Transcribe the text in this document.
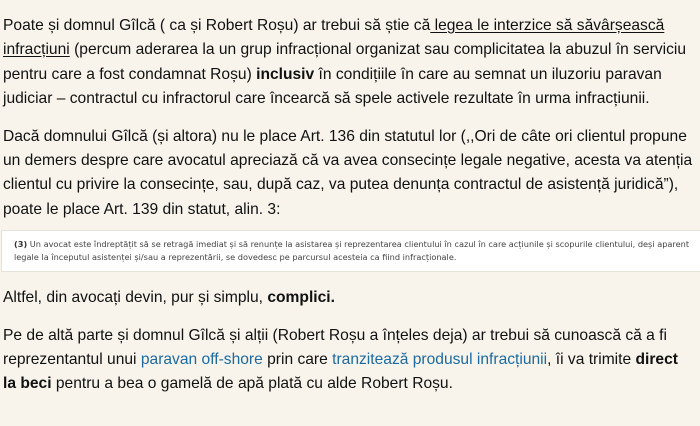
Poate și domnul Gîlcă ( ca și Robert Roșu) ar trebui să știe că legea le interzice să săvârșească infracțiuni (percum aderarea la un grup infracțional organizat sau complicitatea la abuzul în serviciu pentru care a fost condamnat Roșu) inclusiv în condițiile în care au semnat un iluzoriu paravan judiciar – contractul cu infractorul care încearcă să spele activele rezultate în urma infracțiunii.

Dacă domnului Gîlcă (și altora) nu le place Art. 136 din statutul lor (,,Ori de câte ori clientul propune un demers despre care avocatul apreciază că va avea consecințe legale negative, acesta va atenția clientul cu privire la consecințe, sau, după caz, va putea denunța contractul de asistență juridică”), poate le place Art. 139 din statut, alin. 3:

(3) Un avocat este îndreptățit să se retragă imediat și să renunțe la asistarea și reprezentarea clientului în cazul în care acțiunile și scopurile clientului, deși aparent legale la începutul asistenței și/sau a reprezentării, se dovedesc pe parcursul acesteia ca fiind infracționale.

Altfel, din avocați devin, pur și simplu, complici.

Pe de altă parte și domnul Gîlcă și alții (Robert Roșu a înțeles deja) ar trebui să cunoască că a fi reprezentantul unui paravan off-shore prin care tranzitează produsul infracțiunii, îi va trimite direct la beci pentru a bea o gamelă de apă plată cu alde Robert Roșu.
